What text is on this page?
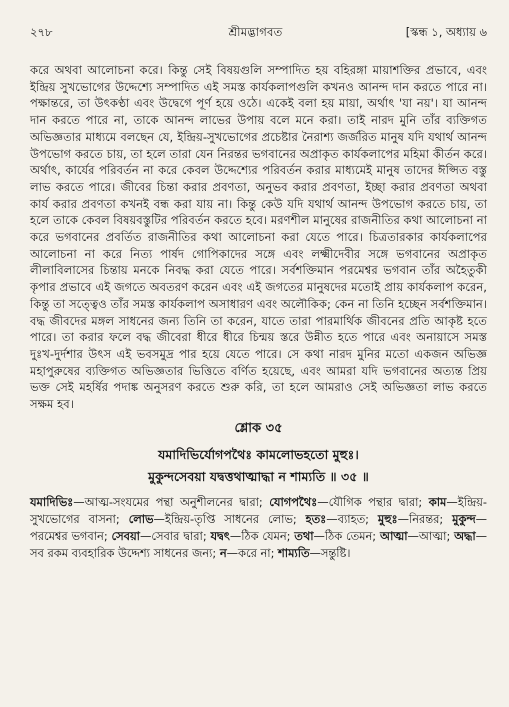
২৭৮	শ্রীমদ্ভাগবত	[স্কন্ধ ১, অধ্যায় ৬

করে অথবা আলোচনা করে। কিন্তু সেই বিষয়গুলি সম্পাদিত হয় বহিরঙ্গা মায়াশক্তির প্রভাবে, এবং ইন্দ্রিয় সুখভোগের উদ্দেশ্যে সম্পাদিত এই সমস্ত কার্যকলাপগুলি কখনও আনন্দ দান করতে পারে না। পক্ষান্তরে, তা উৎকণ্ঠা এবং উদ্বেগে পূর্ণ হয়ে ওঠে। একেই বলা হয় মায়া, অর্থাৎ 'যা নয়'। যা আনন্দ দান করতে পারে না, তাকে আনন্দ লাভের উপায় বলে মনে করা। তাই নারদ মুনি তাঁর ব্যক্তিগত অভিজ্ঞতার মাধ্যমে বলছেন যে, ইন্দ্রিয়-সুখভোগের প্রচেষ্টার নৈরাশ্য জর্জরিত মানুষ যদি যথার্থ আনন্দ উপভোগ করতে চায়, তা হলে তারা যেন নিরন্তর ভগবানের অপ্রাকৃত কার্যকলাপের মহিমা কীর্তন করে। অর্থাৎ, কার্যের পরিবর্তন না করে কেবল উদ্দেশ্যের পরিবর্তন করার মাধ্যমেই মানুষ তাদের ঈপ্সিত বস্তু লাভ করতে পারে। জীবের চিন্তা করার প্রবণতা, অনুভব করার প্রবণতা, ইচ্ছা করার প্রবণতা অথবা কার্য করার প্রবণতা কখনই বন্ধ করা যায় না। কিন্তু কেউ যদি যথার্থ আনন্দ উপভোগ করতে চায়, তা হলে তাকে কেবল বিষয়বস্তুটির পরিবর্তন করতে হবে। মরণশীল মানুষের রাজনীতির কথা আলোচনা না করে ভগবানের প্রবর্তিত রাজনীতির কথা আলোচনা করা যেতে পারে। চিত্রতারকার কার্যকলাপের আলোচনা না করে নিত্য পার্ষদ গোপিকাদের সঙ্গে এবং লক্ষ্মীদেবীর সঙ্গে ভগবানের অপ্রাকৃত লীলাবিলাসের চিন্তায় মনকে নিবদ্ধ করা যেতে পারে। সর্বশক্তিমান পরমেশ্বর ভগবান তাঁর অহৈতুকী কৃপার প্রভাবে এই জগতে অবতরণ করেন এবং এই জগতের মানুষদের মতোই প্রায় কার্যকলাপ করেন, কিন্তু তা সত্ত্বেও তাঁর সমস্ত কার্যকলাপ অসাধারণ এবং অলৌকিক; কেন না তিনি হচ্ছেন সর্বশক্তিমান। বদ্ধ জীবদের মঙ্গল সাধনের জন্য তিনি তা করেন, যাতে তারা পারমার্থিক জীবনের প্রতি আকৃষ্ট হতে পারে। তা করার ফলে বদ্ধ জীবেরা ধীরে ধীরে চিন্ময় স্তরে উন্নীত হতে পারে এবং অনায়াসে সমস্ত দুঃখ-দুর্দশার উৎস এই ভবসমুদ্র পার হয়ে যেতে পারে। সে কথা নারদ মুনির মতো একজন অভিজ্ঞ মহাপুরুষের ব্যক্তিগত অভিজ্ঞতার ভিত্তিতে বর্ণিত হয়েছে, এবং আমরা যদি ভগবানের অত্যন্ত প্রিয় ভক্ত সেই মহর্ষির পদাঙ্ক অনুসরণ করতে শুরু করি, তা হলে আমরাও সেই অভিজ্ঞতা লাভ করতে সক্ষম হব।

শ্লোক ৩৫

যমাদিভির্যোগপথৈঃ কামলোভহতো মুহুঃ।

মুকুন্দসেবয়া যদ্বত্তথাত্মাদ্ধা ন শাম্যতি ॥ ৩৫ ॥

যমাদিভিঃ—আত্ম-সংযমের পন্থা অনুশীলনের দ্বারা; যোগপথৈঃ—যৌগিক পন্থার দ্বারা; কাম—ইন্দ্রিয়-সুখভোগের বাসনা; লোভ—ইন্দ্রিয়-তৃপ্তি সাধনের লোভ; হতঃ—ব্যাহত; মুহুঃ—নিরন্তর; মুকুন্দ—পরমেশ্বর ভগবান; সেবয়া—সেবার দ্বারা; যদ্বৎ—ঠিক যেমন; তথা—ঠিক তেমন; আত্মা—আত্মা; অদ্ধা—সব রকম ব্যবহারিক উদ্দেশ্য সাধনের জন্য; ন—করে না; শাম্যতি—সন্তুষ্টি।
